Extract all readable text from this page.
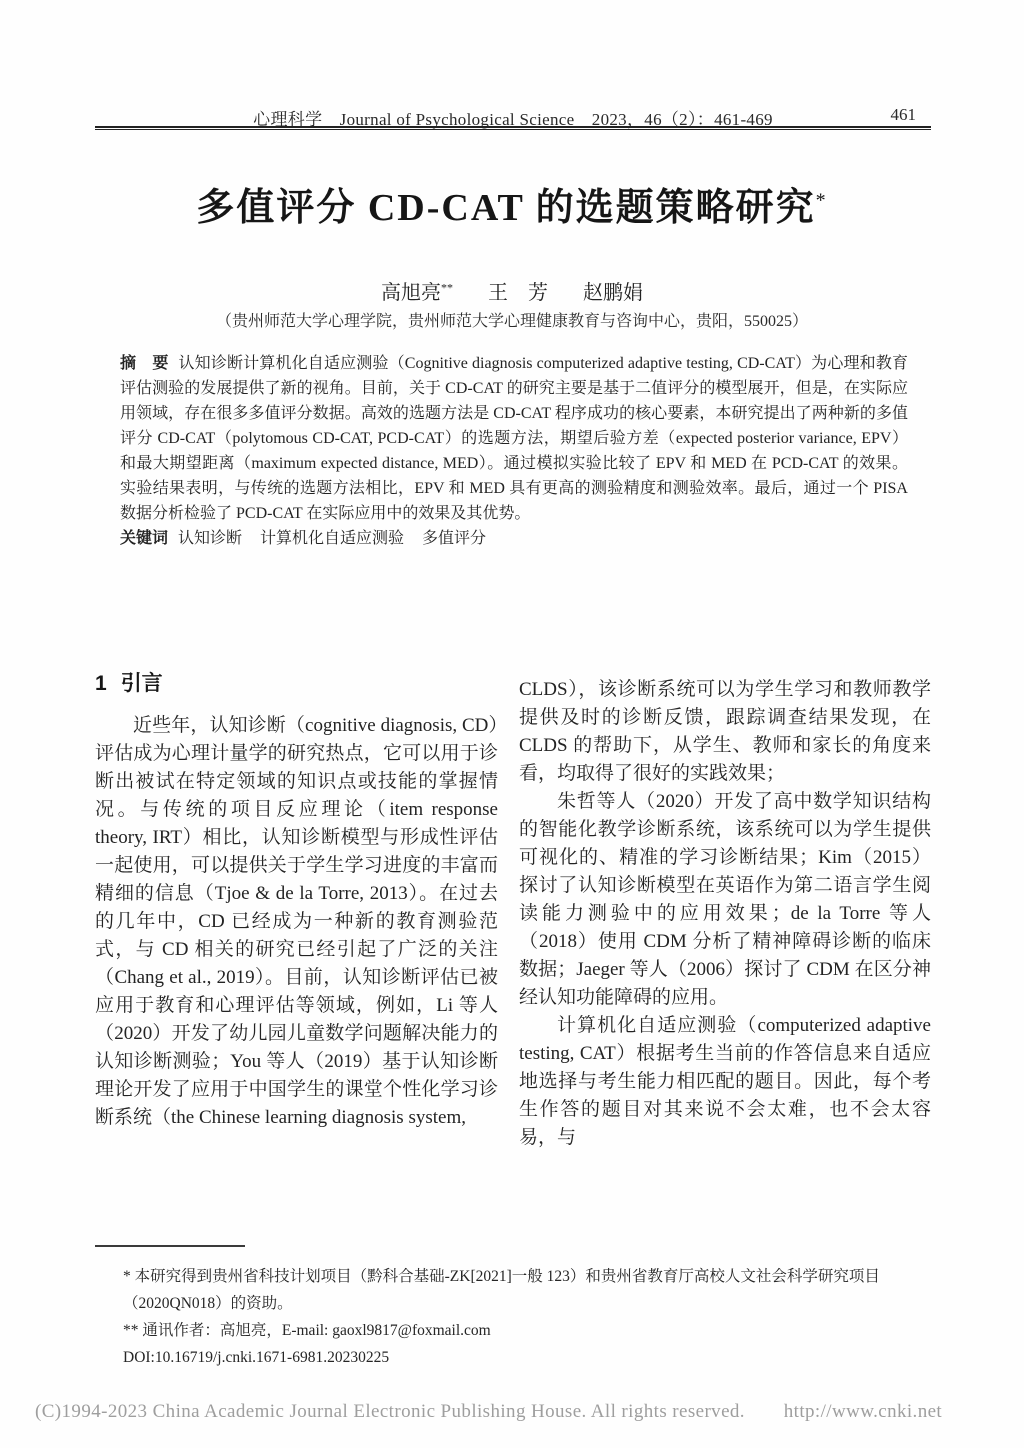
心理科学　Journal of Psychological Science　2023，46（2）：461-469	461
多值评分 CD-CAT 的选题策略研究*
高旭亮** 王　芳 赵鹏娟
（贵州师范大学心理学院，贵州师范大学心理健康教育与咨询中心，贵阳，550025）

摘　要 认知诊断计算机化自适应测验（Cognitive diagnosis computerized adaptive testing, CD-CAT）为心理和教育评估测验的发展提供了新的视角。目前，关于 CD-CAT 的研究主要是基于二值评分的模型展开，但是，在实际应用领域，存在很多多值评分数据。高效的选题方法是 CD-CAT 程序成功的核心要素，本研究提出了两种新的多值评分 CD-CAT（polytomous CD-CAT, PCD-CAT）的选题方法，期望后验方差（expected posterior variance, EPV）和最大期望距离（maximum expected distance, MED）。通过模拟实验比较了 EPV 和 MED 在 PCD-CAT 的效果。实验结果表明，与传统的选题方法相比，EPV 和 MED 具有更高的测验精度和测验效率。最后，通过一个 PISA 数据分析检验了 PCD-CAT 在实际应用中的效果及其优势。

关键词 认知诊断 计算机化自适应测验 多值评分

1 引言

近些年，认知诊断（cognitive diagnosis, CD）评估成为心理计量学的研究热点，它可以用于诊断出被试在特定领域的知识点或技能的掌握情况。与传统的项目反应理论（item response theory, IRT）相比，认知诊断模型与形成性评估一起使用，可以提供关于学生学习进度的丰富而精细的信息（Tjoe & de la Torre, 2013）。在过去的几年中，CD 已经成为一种新的教育测验范式，与 CD 相关的研究已经引起了广泛的关注（Chang et al., 2019）。目前，认知诊断评估已被应用于教育和心理评估等领域，例如，Li 等人（2020）开发了幼儿园儿童数学问题解决能力的认知诊断测验；You 等人（2019）基于认知诊断理论开发了应用于中国学生的课堂个性化学习诊断系统（the Chinese learning diagnosis system,

CLDS），该诊断系统可以为学生学习和教师教学提供及时的诊断反馈，跟踪调查结果发现，在 CLDS 的帮助下，从学生、教师和家长的角度来看，均取得了很好的实践效果；

朱哲等人（2020）开发了高中数学知识结构的智能化教学诊断系统，该系统可以为学生提供可视化的、精准的学习诊断结果；Kim（2015）探讨了认知诊断模型在英语作为第二语言学生阅读能力测验中的应用效果；de la Torre 等人（2018）使用 CDM 分析了精神障碍诊断的临床数据；Jaeger 等人（2006）探讨了 CDM 在区分神经认知功能障碍的应用。

计算机化自适应测验（computerized adaptive testing, CAT）根据考生当前的作答信息来自适应地选择与考生能力相匹配的题目。因此，每个考生作答的题目对其来说不会太难，也不会太容易，与

* 本研究得到贵州省科技计划项目（黔科合基础-ZK[2021]一般 123）和贵州省教育厅高校人文社会科学研究项目（2020QN018）的资助。

** 通讯作者：高旭亮，E-mail: gaoxl9817@foxmail.com

DOI:10.16719/j.cnki.1671-6981.20230225

(C)1994-2023 China Academic Journal Electronic Publishing House. All rights reserved.　　http://www.cnki.net
